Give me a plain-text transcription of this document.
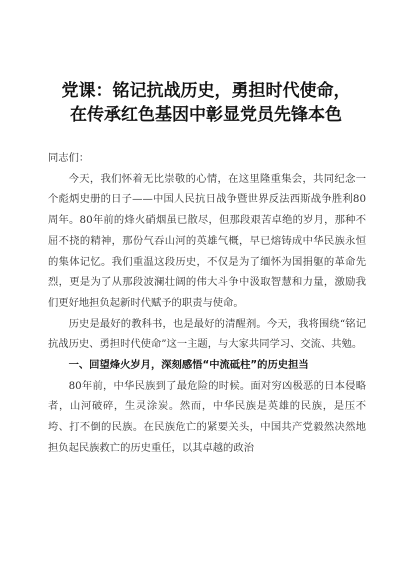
党课：铭记抗战历史，勇担时代使命，
在传承红色基因中彰显党员先锋本色

同志们：

今天，我们怀着无比崇敬的心情，在这里隆重集会，共同纪念一个彪炳史册的日子——中国人民抗日战争暨世界反法西斯战争胜利80周年。80年前的烽火硝烟虽已散尽，但那段艰苦卓绝的岁月，那种不屈不挠的精神，那份气吞山河的英雄气概，早已熔铸成中华民族永恒的集体记忆。我们重温这段历史，不仅是为了缅怀为国捐躯的革命先烈，更是为了从那段波澜壮阔的伟大斗争中汲取智慧和力量，激励我们更好地担负起新时代赋予的职责与使命。

历史是最好的教科书，也是最好的清醒剂。今天，我将围绕“铭记抗战历史、勇担时代使命”这一主题，与大家共同学习、交流、共勉。

一、回望烽火岁月，深刻感悟“中流砥柱”的历史担当

80年前，中华民族到了最危险的时候。面对穷凶极恶的日本侵略者，山河破碎，生灵涂炭。然而，中华民族是英雄的民族，是压不垮、打不倒的民族。在民族危亡的紧要关头，中国共产党毅然决然地担负起民族救亡的历史重任，以其卓越的政治
